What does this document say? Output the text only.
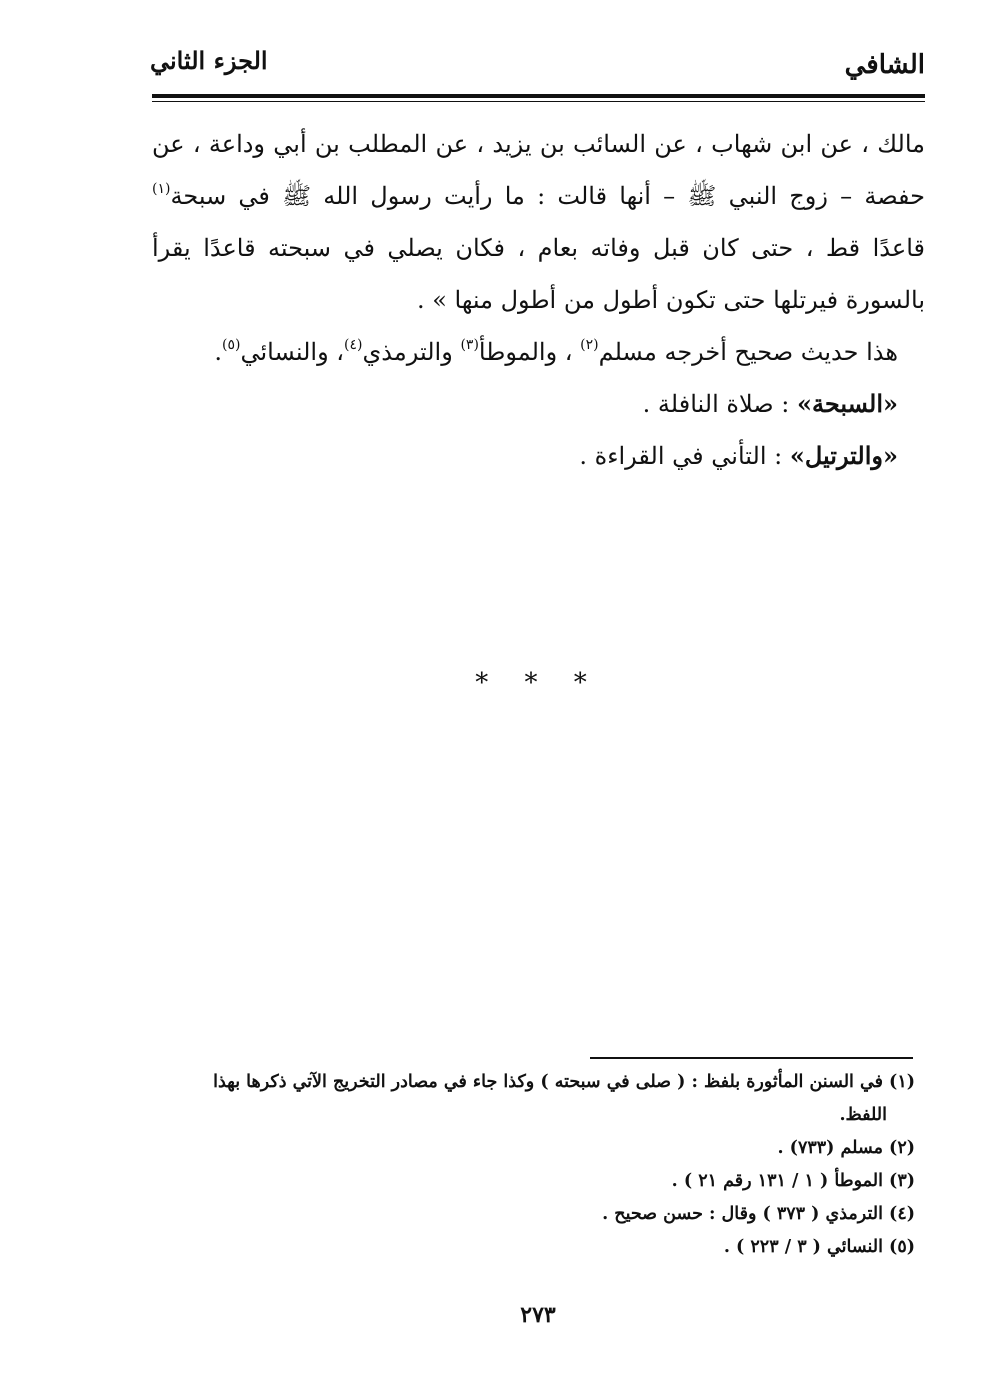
الشافي
الجزء الثاني
مالك ، عن ابن شهاب ، عن السائب بن يزيد ، عن المطلب بن أبي وداعة ، عن
حفصة – زوج النبي ﷺ – أنها قالت : ما رأيت رسول الله ﷺ في سبحة$^{(١)}$
قاعدًا قط ، حتى كان قبل وفاته بعام ، فكان يصلي في سبحته قاعدًا يقرأ
بالسورة فيرتلها حتى تكون أطول من أطول منها » .
هذا حديث صحيح أخرجه مسلم$^{(٢)}$ ، والموطأ$^{(٣)}$ والترمذي$^{(٤)}$، والنسائي$^{(٥)}$.
«السبحة» : صلاة النافلة .
«والترتيل» : التأني في القراءة .
* * *
(١) في السنن المأثورة بلفظ : ( صلى في سبحته ) وكذا جاء في مصادر التخريج الآتي ذكرها بهذا
اللفظ.
(٢) مسلم (٧٣٣) .
(٣) الموطأ ( ١ / ١٣١ رقم ٢١ ) .
(٤) الترمذي ( ٣٧٣ ) وقال : حسن صحيح .
(٥) النسائي ( ٣ / ٢٢٣ ) .
٢٧٣
